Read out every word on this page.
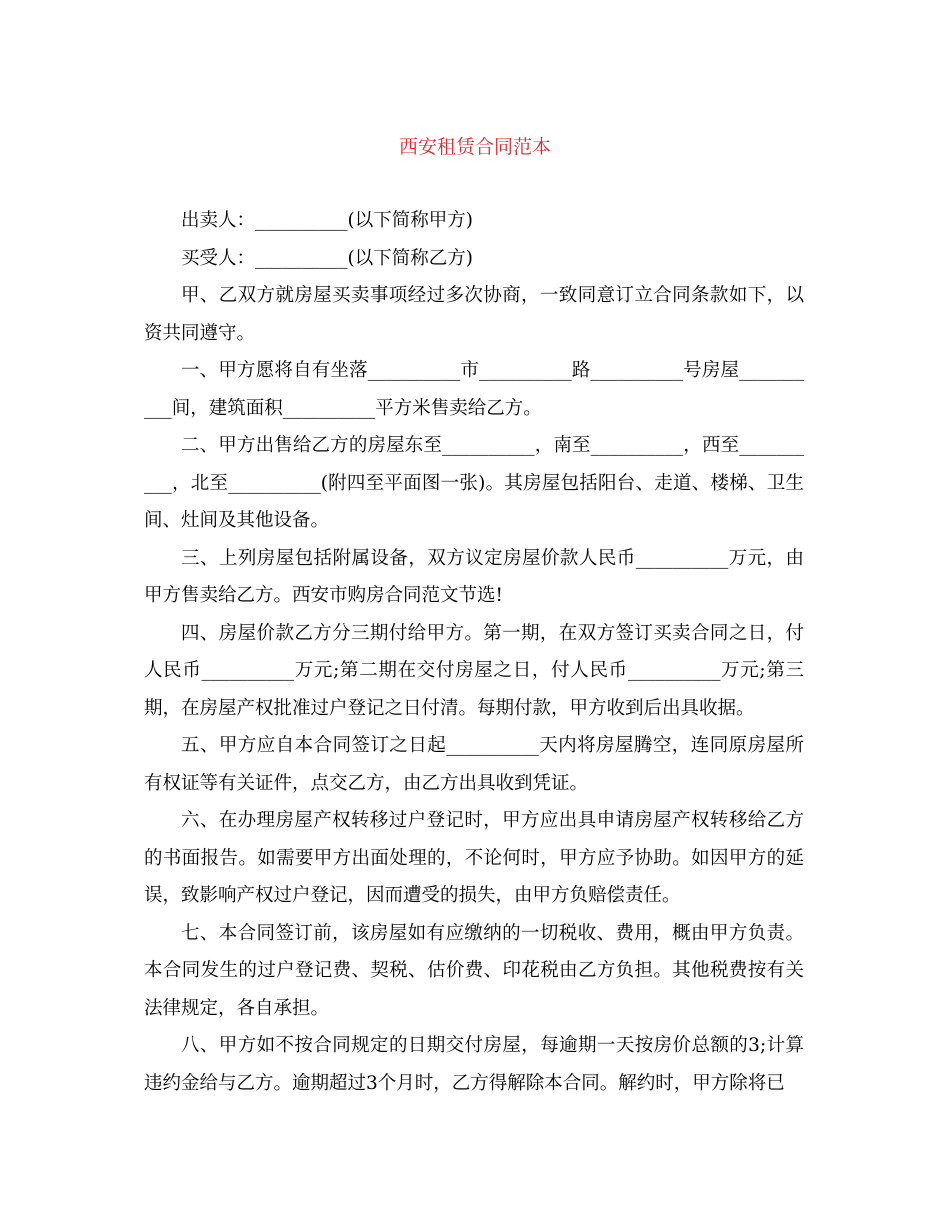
西安租赁合同范本

出卖人：__________(以下简称甲方)

买受人：__________(以下简称乙方)

甲、乙双方就房屋买卖事项经过多次协商，一致同意订立合同条款如下，以资共同遵守。

一、甲方愿将自有坐落__________市__________路__________号房屋__________间，建筑面积__________平方米售卖给乙方。

二、甲方出售给乙方的房屋东至__________，南至__________，西至__________，北至__________(附四至平面图一张)。其房屋包括阳台、走道、楼梯、卫生间、灶间及其他设备。

三、上列房屋包括附属设备，双方议定房屋价款人民币__________万元，由甲方售卖给乙方。西安市购房合同范文节选!

四、房屋价款乙方分三期付给甲方。第一期，在双方签订买卖合同之日，付人民币__________万元;第二期在交付房屋之日，付人民币__________万元;第三期，在房屋产权批准过户登记之日付清。每期付款，甲方收到后出具收据。

五、甲方应自本合同签订之日起__________天内将房屋腾空，连同原房屋所有权证等有关证件，点交乙方，由乙方出具收到凭证。

六、在办理房屋产权转移过户登记时，甲方应出具申请房屋产权转移给乙方的书面报告。如需要甲方出面处理的，不论何时，甲方应予协助。如因甲方的延误，致影响产权过户登记，因而遭受的损失，由甲方负赔偿责任。

七、本合同签订前，该房屋如有应缴纳的一切税收、费用，概由甲方负责。本合同发生的过户登记费、契税、估价费、印花税由乙方负担。其他税费按有关法律规定，各自承担。

八、甲方如不按合同规定的日期交付房屋，每逾期一天按房价总额的3;计算违约金给与乙方。逾期超过3个月时，乙方得解除本合同。解约时，甲方除将已
